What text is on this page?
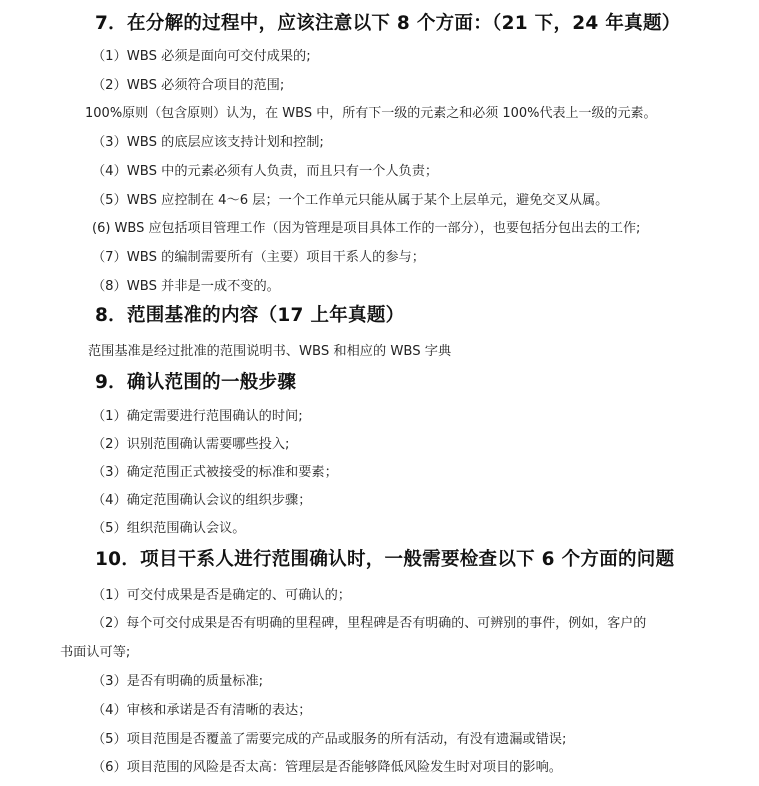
7．在分解的过程中，应该注意以下 8 个方面：（21 下，24 年真题）
（1）WBS 必须是面向可交付成果的;
（2）WBS 必须符合项目的范围;
100%原则（包含原则）认为，在 WBS 中，所有下一级的元素之和必须 100%代表上一级的元素。
（3）WBS 的底层应该支持计划和控制;
（4）WBS 中的元素必须有人负责，而且只有一个人负责；
（5）WBS 应控制在 4～6 层；一个工作单元只能从属于某个上层单元，避免交叉从属。
(6) WBS 应包括项目管理工作（因为管理是项目具体工作的一部分），也要包括分包出去的工作;
（7）WBS 的编制需要所有（主要）项目干系人的参与；
（8）WBS 并非是一成不变的。
8．范围基准的内容（17 上年真题）
范围基准是经过批准的范围说明书、WBS 和相应的 WBS 字典
9．确认范围的一般步骤
（1）确定需要进行范围确认的时间;
（2）识别范围确认需要哪些投入;
（3）确定范围正式被接受的标准和要素；
（4）确定范围确认会议的组织步骤；
（5）组织范围确认会议。
10．项目干系人进行范围确认时，一般需要检查以下 6 个方面的问题
（1）可交付成果是否是确定的、可确认的；
（2）每个可交付成果是否有明确的里程碑，里程碑是否有明确的、可辨别的事件，例如，客户的
书面认可等;
（3）是否有明确的质量标准;
（4）审核和承诺是否有清晰的表达；
（5）项目范围是否覆盖了需要完成的产品或服务的所有活动，有没有遗漏或错误;
（6）项目范围的风险是否太高：管理层是否能够降低风险发生时对项目的影响。
